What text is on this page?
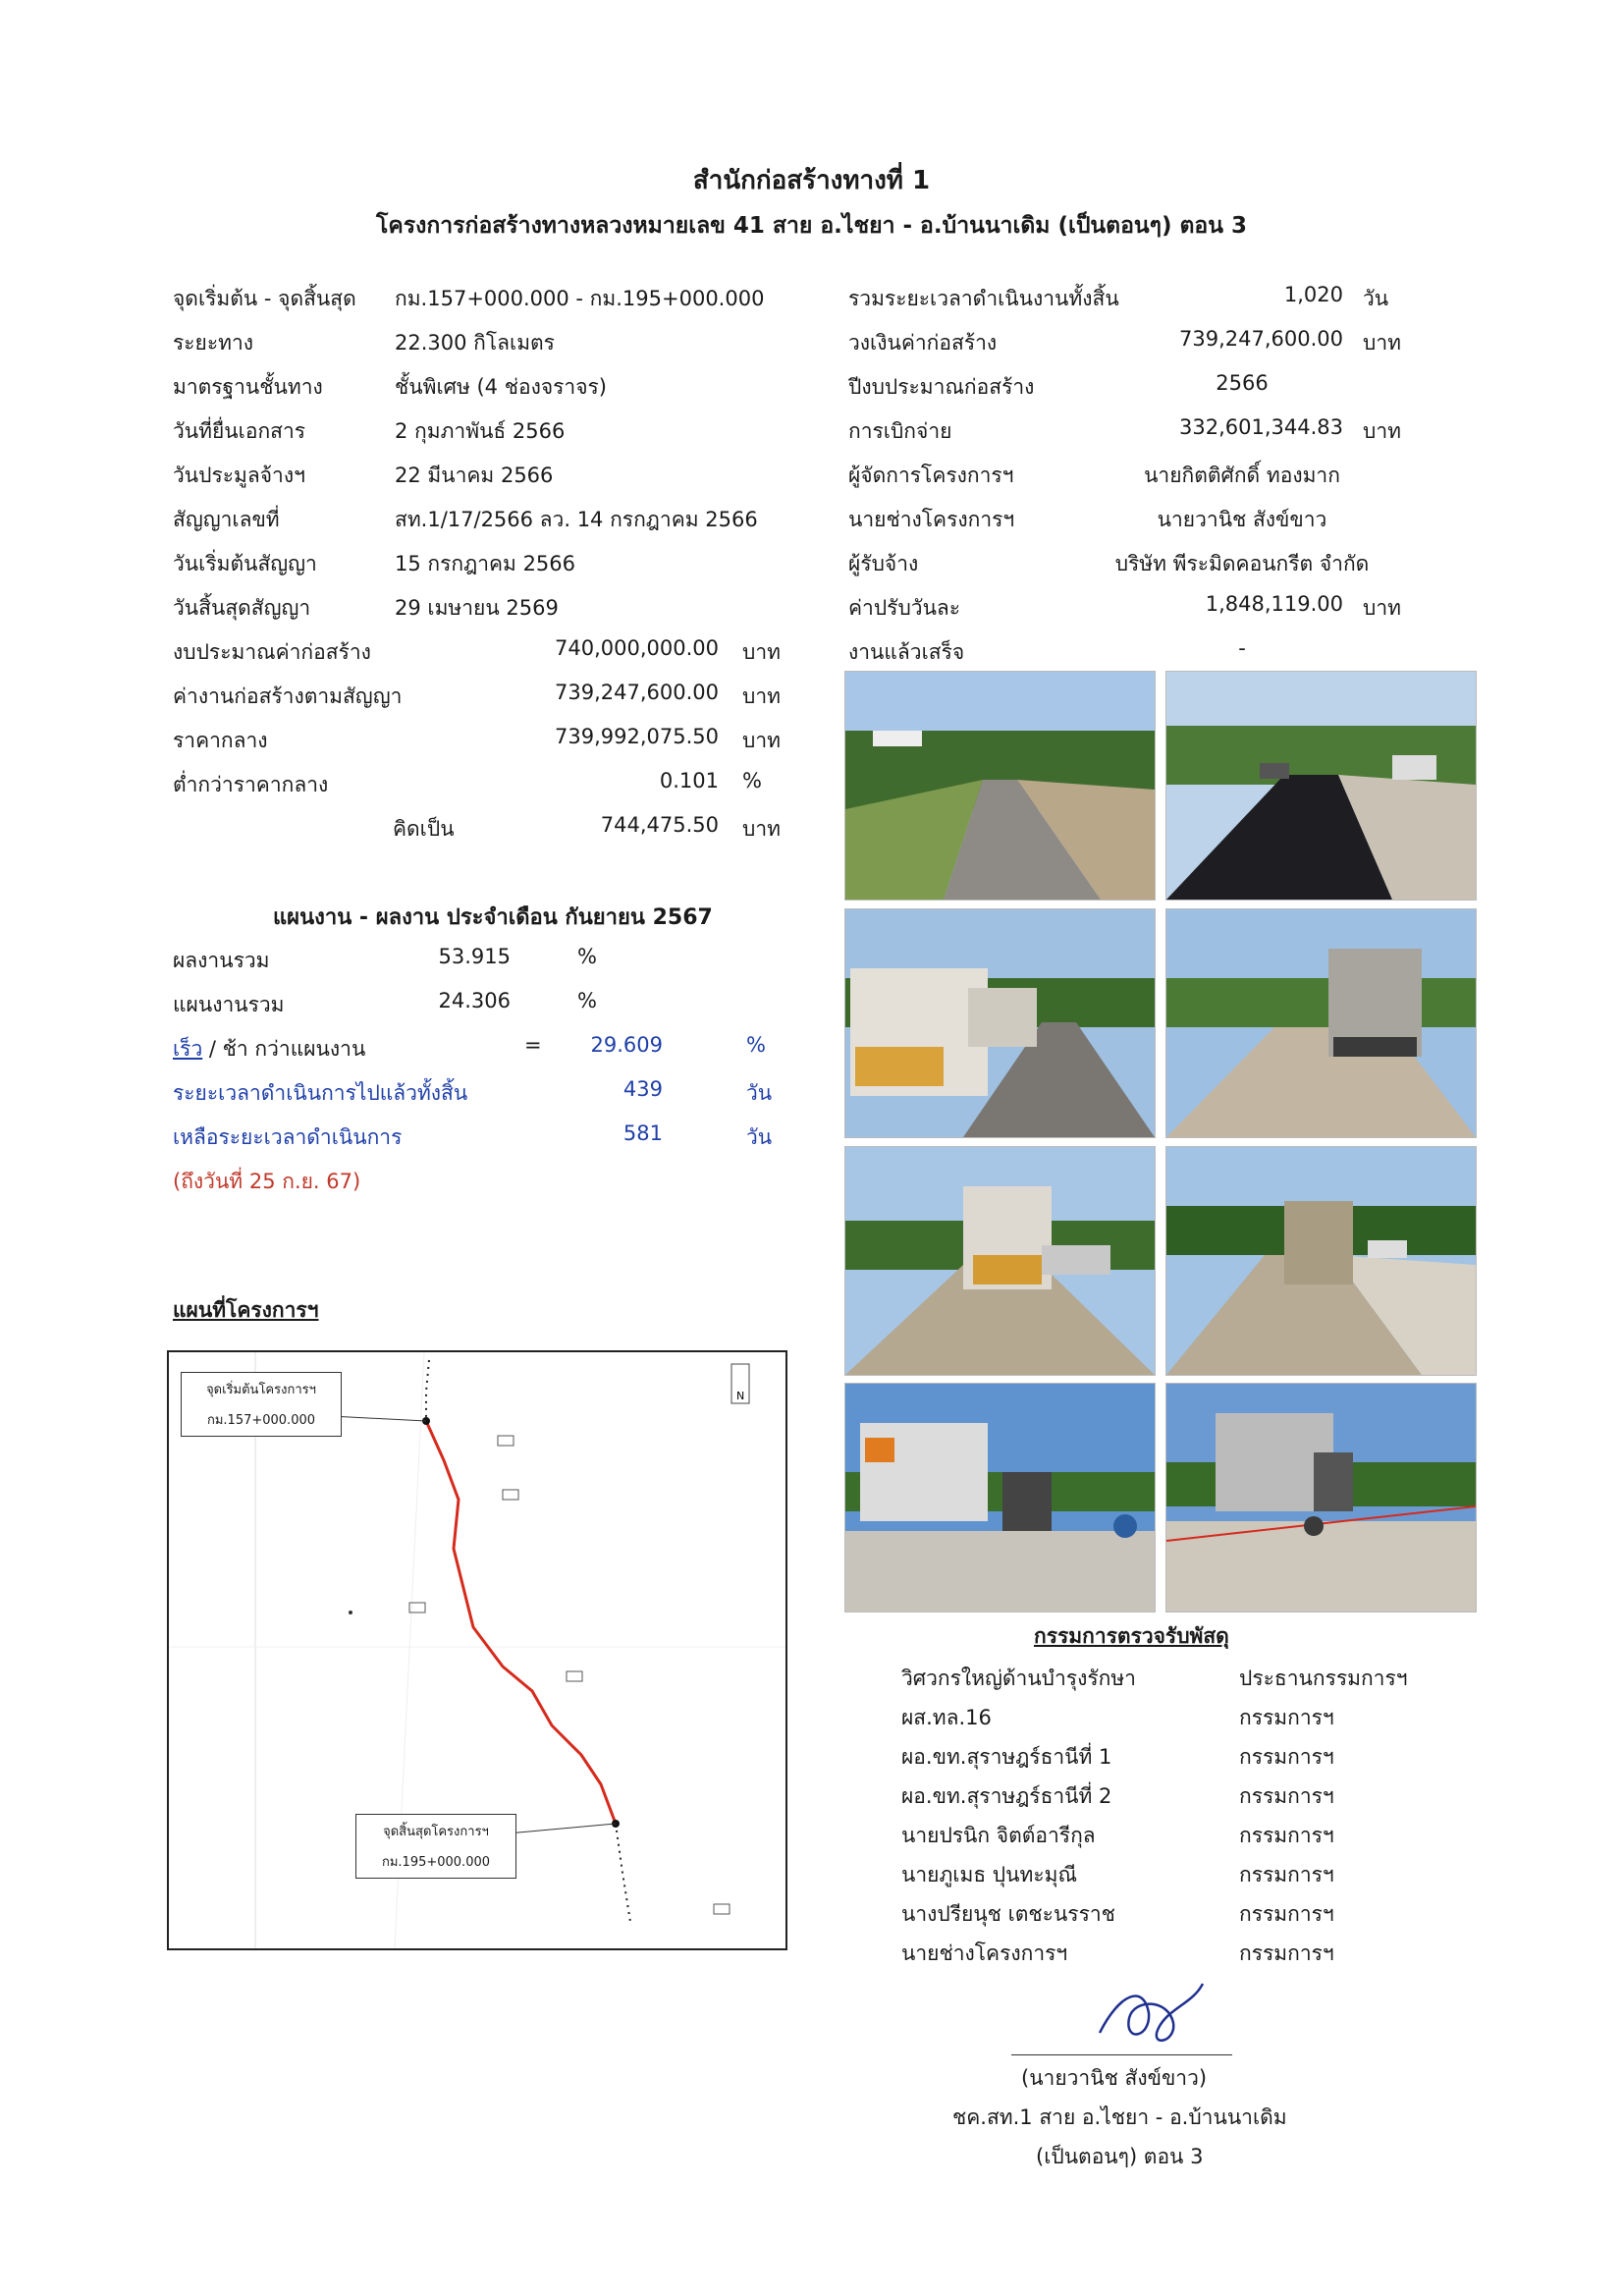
สำนักก่อสร้างทางที่ 1
โครงการก่อสร้างทางหลวงหมายเลข 41 สาย อ.ไชยา - อ.บ้านนาเดิม (เป็นตอนๆ) ตอน 3
จุดเริ่มต้น - จุดสิ้นสุด กม.157+000.000 - กม.195+000.000
ระยะทาง	22.300 กิโลเมตร
มาตรฐานชั้นทาง	ชั้นพิเศษ (4 ช่องจราจร)
วันที่ยื่นเอกสาร	2 กุมภาพันธ์ 2566
วันประมูลจ้างฯ	22 มีนาคม 2566
สัญญาเลขที่	สท.1/17/2566 ลว. 14 กรกฎาคม 2566
วันเริ่มต้นสัญญา	15 กรกฎาคม 2566
วันสิ้นสุดสัญญา	29 เมษายน 2569
งบประมาณค่าก่อสร้าง	740,000,000.00 บาท
ค่างานก่อสร้างตามสัญญา	739,247,600.00 บาท
ราคากลาง	739,992,075.50 บาท
ต่ำกว่าราคากลาง	0.101 %
คิดเป็น	744,475.50 บาท
รวมระยะเวลาดำเนินงานทั้งสิ้น	1,020 วัน
วงเงินค่าก่อสร้าง	739,247,600.00 บาท
ปีงบประมาณก่อสร้าง	2566
การเบิกจ่าย	332,601,344.83 บาท
ผู้จัดการโครงการฯ	นายกิตติศักดิ์ ทองมาก
นายช่างโครงการฯ	นายวานิช สังข์ขาว
ผู้รับจ้าง	บริษัท พีระมิดคอนกรีต จำกัด
ค่าปรับวันละ	1,848,119.00 บาท
งานแล้วเสร็จ	-
แผนงาน - ผลงาน ประจำเดือน กันยายน 2567
ผลงานรวม	53.915	%
แผนงานรวม	24.306	%
เร็ว / ช้า กว่าแผนงาน	=	29.609	%
ระยะเวลาดำเนินการไปแล้วทั้งสิ้น	439	วัน
เหลือระยะเวลาดำเนินการ	581	วัน
(ถึงวันที่ 25 ก.ย. 67)
แผนที่โครงการฯ
N
จุดเริ่มต้นโครงการฯ
กม.157+000.000
จุดสิ้นสุดโครงการฯ
กม.195+000.000
กรรมการตรวจรับพัสดุ
วิศวกรใหญ่ด้านบำรุงรักษา	ประธานกรรมการฯ
ผส.ทล.16	กรรมการฯ
ผอ.ขท.สุราษฎร์ธานีที่ 1	กรรมการฯ
ผอ.ขท.สุราษฎร์ธานีที่ 2	กรรมการฯ
นายปรนิก จิตต์อารีกุล	กรรมการฯ
นายภูเมธ ปุนทะมุณี	กรรมการฯ
นางปรียนุช เตชะนรราช	กรรมการฯ
นายช่างโครงการฯ	กรรมการฯ
(นายวานิช สังข์ขาว)
ชค.สท.1 สาย อ.ไชยา - อ.บ้านนาเดิม
(เป็นตอนๆ) ตอน 3
